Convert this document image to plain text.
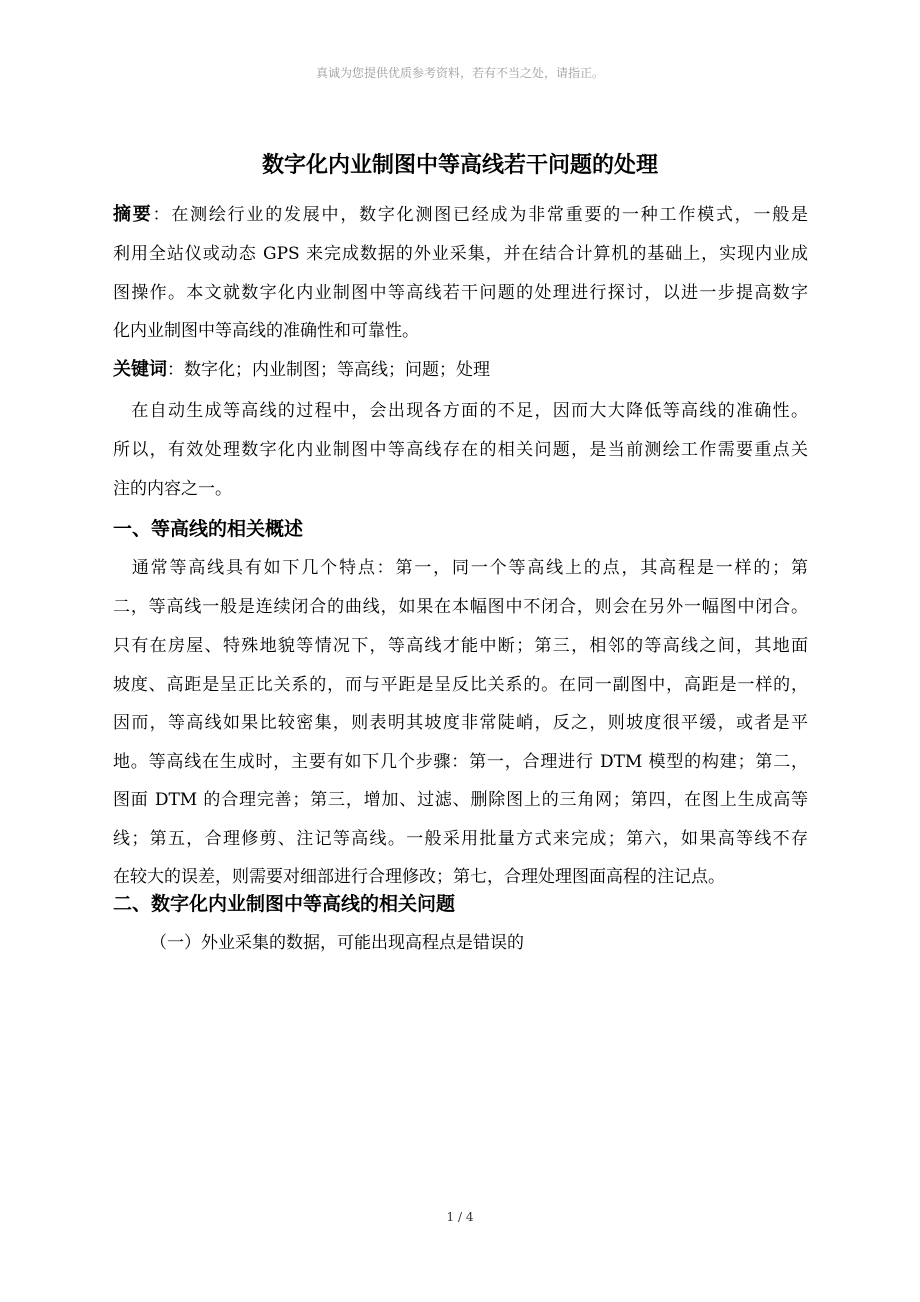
真诚为您提供优质参考资料，若有不当之处，请指正。
数字化内业制图中等高线若干问题的处理
摘要：在测绘行业的发展中，数字化测图已经成为非常重要的一种工作模式，一般是
利用全站仪或动态 GPS 来完成数据的外业采集，并在结合计算机的基础上，实现内业成
图操作。本文就数字化内业制图中等高线若干问题的处理进行探讨，以进一步提高数字
化内业制图中等高线的准确性和可靠性。
关键词：数字化；内业制图；等高线；问题；处理
　在自动生成等高线的过程中，会出现各方面的不足，因而大大降低等高线的准确性。
所以，有效处理数字化内业制图中等高线存在的相关问题，是当前测绘工作需要重点关
注的内容之一。
一、等高线的相关概述
　通常等高线具有如下几个特点：第一，同一个等高线上的点，其高程是一样的；第
二，等高线一般是连续闭合的曲线，如果在本幅图中不闭合，则会在另外一幅图中闭合。
只有在房屋、特殊地貌等情况下，等高线才能中断；第三，相邻的等高线之间，其地面
坡度、高距是呈正比关系的，而与平距是呈反比关系的。在同一副图中，高距是一样的，
因而，等高线如果比较密集，则表明其坡度非常陡峭，反之，则坡度很平缓，或者是平
地。等高线在生成时，主要有如下几个步骤：第一，合理进行 DTM 模型的构建；第二，
图面 DTM 的合理完善；第三，增加、过滤、删除图上的三角网；第四，在图上生成高等
线；第五，合理修剪、注记等高线。一般采用批量方式来完成；第六，如果高等线不存
在较大的误差，则需要对细部进行合理修改；第七，合理处理图面高程的注记点。
二、数字化内业制图中等高线的相关问题
（一）外业采集的数据，可能出现高程点是错误的
1 / 4
